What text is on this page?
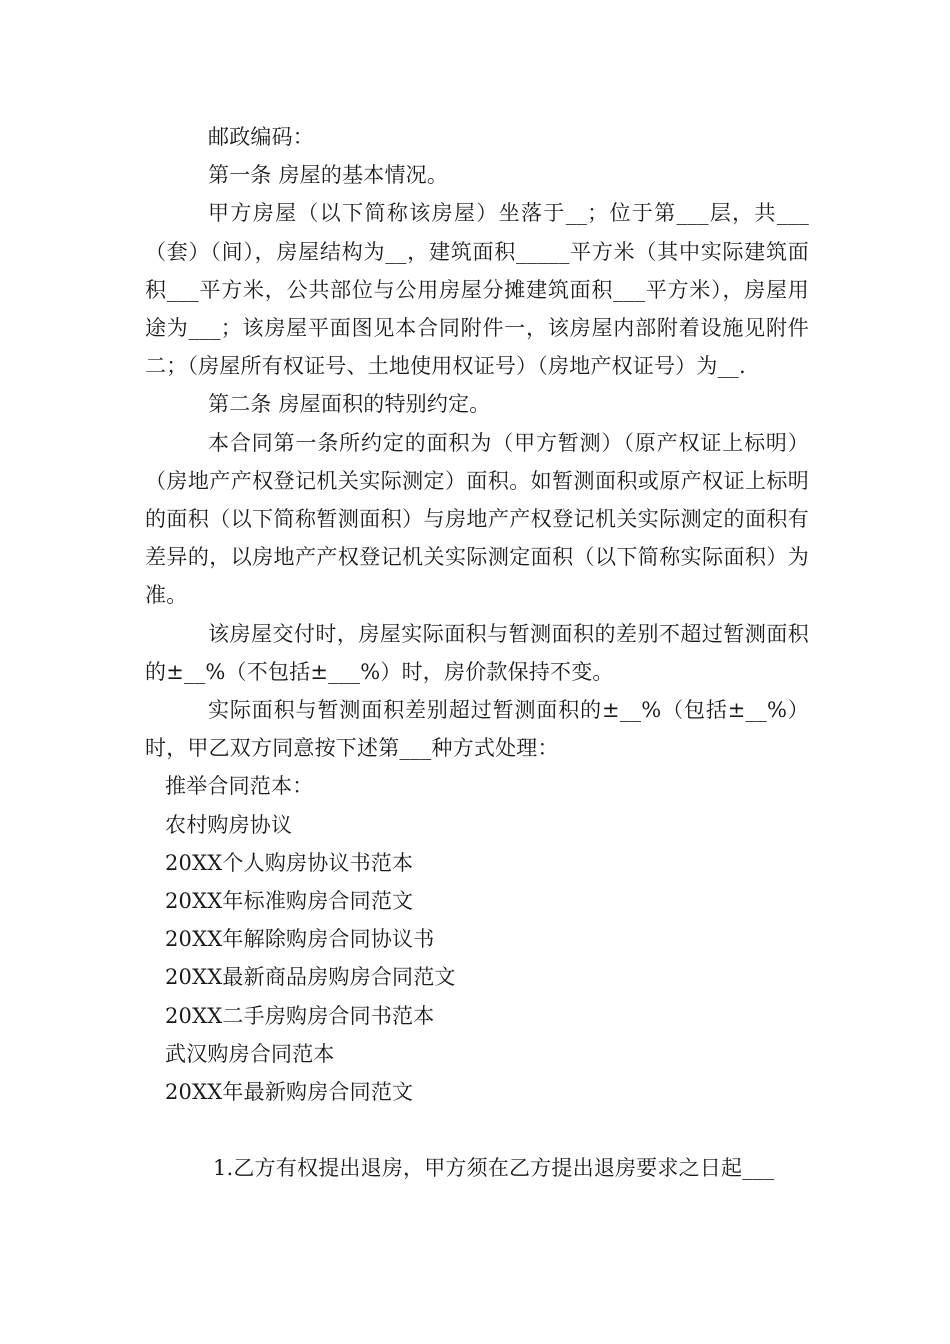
邮政编码：

第一条 房屋的基本情况。

甲方房屋（以下简称该房屋）坐落于__；位于第___层，共___（套）（间），房屋结构为__，建筑面积_____平方米（其中实际建筑面积___平方米，公共部位与公用房屋分摊建筑面积___平方米），房屋用途为___；该房屋平面图见本合同附件一，该房屋内部附着设施见附件二；（房屋所有权证号、土地使用权证号）（房地产权证号）为__.

第二条 房屋面积的特别约定。

本合同第一条所约定的面积为（甲方暂测）（原产权证上标明）（房地产产权登记机关实际测定）面积。如暂测面积或原产权证上标明的面积（以下简称暂测面积）与房地产产权登记机关实际测定的面积有差异的，以房地产产权登记机关实际测定面积（以下简称实际面积）为准。

该房屋交付时，房屋实际面积与暂测面积的差别不超过暂测面积的±__%（不包括±___%）时，房价款保持不变。

实际面积与暂测面积差别超过暂测面积的±__%（包括±__%）时，甲乙双方同意按下述第___种方式处理：

推举合同范本：
农村购房协议
20XX个人购房协议书范本
20XX年标准购房合同范文
20XX年解除购房合同协议书
20XX最新商品房购房合同范文
20XX二手房购房合同书范本
武汉购房合同范本
20XX年最新购房合同范文

1.乙方有权提出退房，甲方须在乙方提出退房要求之日起___
